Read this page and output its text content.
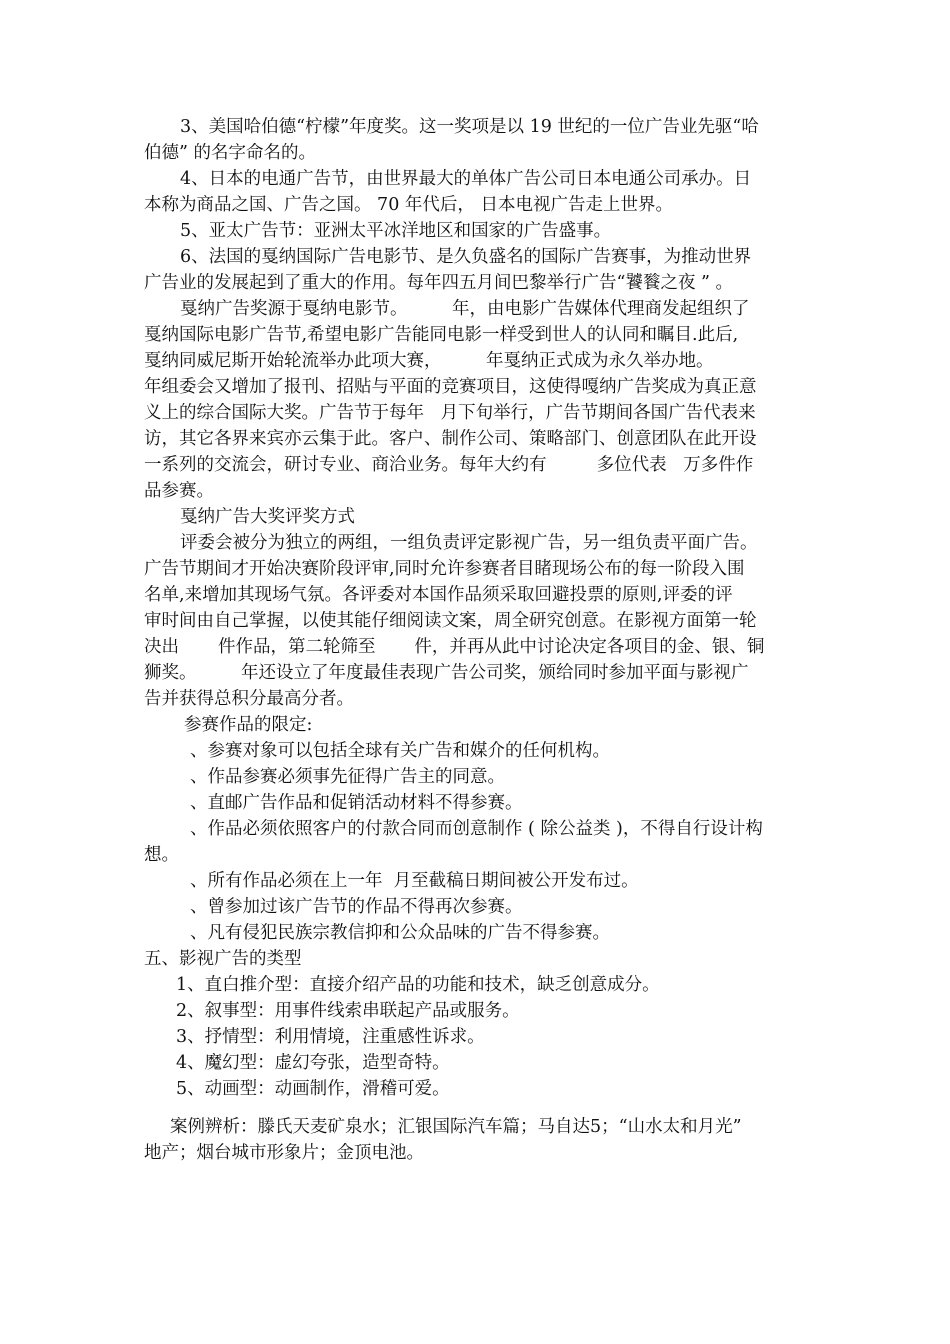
3、美国哈伯德“柠檬”年度奖。这一奖项是以 19 世纪的一位广告业先驱“哈
伯德” 的名字命名的。
4、日本的电通广告节，由世界最大的单体广告公司日本电通公司承办。日
本称为商品之国、广告之国。 70 年代后， 日本电视广告走上世界。
5、亚太广告节：亚洲太平冰洋地区和国家的广告盛事。
6、法国的戛纳国际广告电影节、是久负盛名的国际广告赛事，为推动世界
广告业的发展起到了重大的作用。每年四五月间巴黎举行广告“饕餮之夜 ” 。
戛纳广告奖源于戛纳电影节。        年，由电影广告媒体代理商发起组织了
戛纳国际电影广告节,希望电影广告能同电影一样受到世人的认同和瞩目.此后,
戛纳同威尼斯开始轮流举办此项大赛，        年戛纳正式成为永久举办地。
年组委会又增加了报刊、招贴与平面的竞赛项目，这使得嘎纳广告奖成为真正意
义上的综合国际大奖。广告节于每年   月下旬举行，广告节期间各国广告代表来
访，其它各界来宾亦云集于此。客户、制作公司、策略部门、创意团队在此开设
一系列的交流会，研讨专业、商洽业务。每年大约有         多位代表   万多件作
品参赛。
戛纳广告大奖评奖方式
评委会被分为独立的两组，一组负责评定影视广告，另一组负责平面广告。
广告节期间才开始决赛阶段评审,同时允许参赛者目睹现场公布的每一阶段入围
名单,来增加其现场气氛。各评委对本国作品须采取回避投票的原则,评委的评
审时间由自己掌握，以使其能仔细阅读文案，周全研究创意。在影视方面第一轮
决出       件作品，第二轮筛至       件，并再从此中讨论决定各项目的金、银、铜
狮奖。        年还设立了年度最佳表现广告公司奖，颁给同时参加平面与影视广
告并获得总积分最高分者。
参赛作品的限定:
、参赛对象可以包括全球有关广告和媒介的任何机构。
、作品参赛必须事先征得广告主的同意。
、直邮广告作品和促销活动材料不得参赛。
、作品必须依照客户的付款合同而创意制作 ( 除公益类 )，不得自行设计构
想。
、所有作品必须在上一年  月至截稿日期间被公开发布过。
、曾参加过该广告节的作品不得再次参赛。
、凡有侵犯民族宗教信抑和公众品味的广告不得参赛。
五、影视广告的类型
1、直白推介型：直接介绍产品的功能和技术，缺乏创意成分。
2、叙事型：用事件线索串联起产品或服务。
3、抒情型：利用情境，注重感性诉求。
4、魔幻型：虚幻夸张，造型奇特。
5、动画型：动画制作，滑稽可爱。
案例辨析：滕氏天麦矿泉水；汇银国际汽车篇；马自达5；“山水太和月光”
地产；烟台城市形象片；金顶电池。
